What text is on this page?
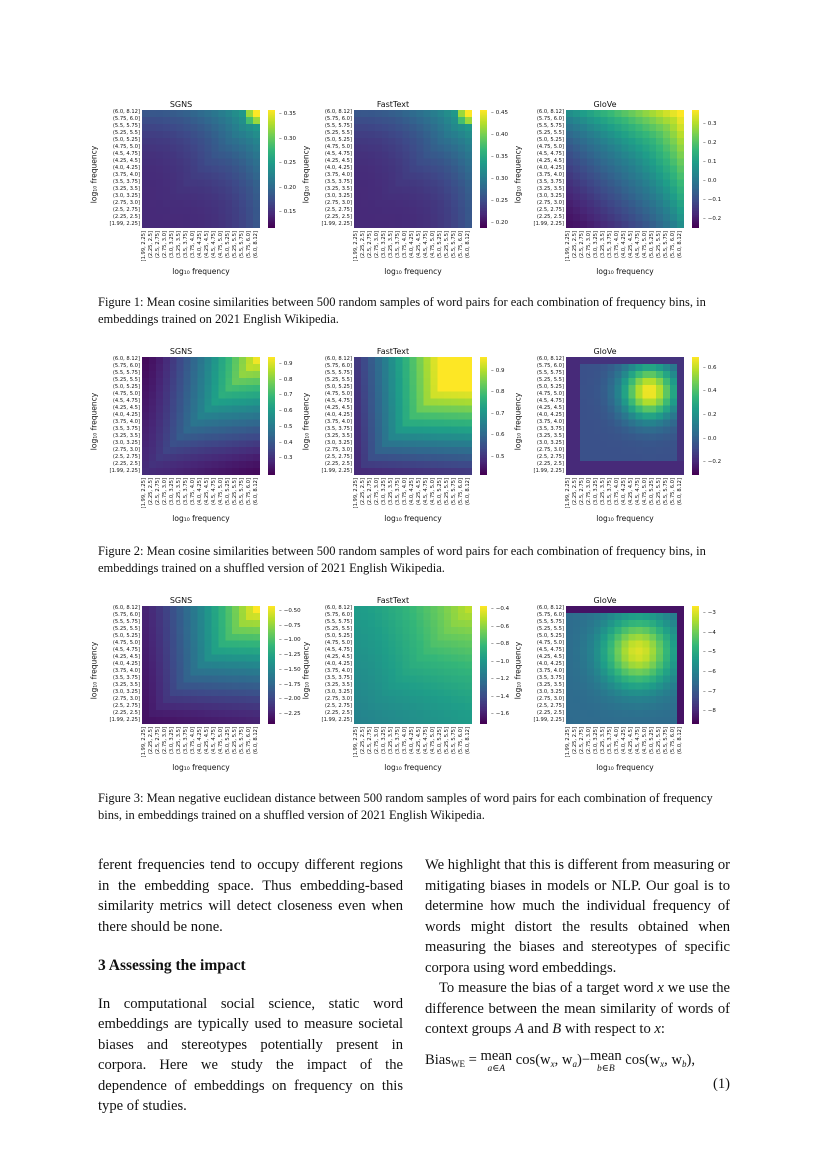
SGNS
log₁₀ frequency
[1.99, 2.25]
(2.25, 2.5]
(2.5, 2.75]
(2.75, 3.0]
(3.0, 3.25]
(3.25, 3.5]
(3.5, 3.75]
(3.75, 4.0]
(4.0, 4.25]
(4.25, 4.5]
(4.5, 4.75]
(4.75, 5.0]
(5.0, 5.25]
(5.25, 5.5]
(5.5, 5.75]
(5.75, 6.0]
(6.0, 8.12]
[1.99, 2.25] (2.25, 2.5] (2.5, 2.75] (2.75, 3.0] (3.0, 3.25] (3.25, 3.5] (3.5, 3.75] (3.75, 4.0] (4.0, 4.25] (4.25, 4.5] (4.5, 4.75] (4.75, 5.0] (5.0, 5.25] (5.25, 5.5] (5.5, 5.75] (5.75, 6.0] (6.0, 8.12]
log₁₀ frequency
– 0.35
– 0.30
– 0.25
– 0.20
– 0.15
FastText
log₁₀ frequency
[1.99, 2.25]
(2.25, 2.5]
(2.5, 2.75]
(2.75, 3.0]
(3.0, 3.25]
(3.25, 3.5]
(3.5, 3.75]
(3.75, 4.0]
(4.0, 4.25]
(4.25, 4.5]
(4.5, 4.75]
(4.75, 5.0]
(5.0, 5.25]
(5.25, 5.5]
(5.5, 5.75]
(5.75, 6.0]
(6.0, 8.12]
[1.99, 2.25] (2.25, 2.5] (2.5, 2.75] (2.75, 3.0] (3.0, 3.25] (3.25, 3.5] (3.5, 3.75] (3.75, 4.0] (4.0, 4.25] (4.25, 4.5] (4.5, 4.75] (4.75, 5.0] (5.0, 5.25] (5.25, 5.5] (5.5, 5.75] (5.75, 6.0] (6.0, 8.12]
log₁₀ frequency
– 0.45
– 0.40
– 0.35
– 0.30
– 0.25
– 0.20
GloVe
log₁₀ frequency
[1.99, 2.25]
(2.25, 2.5]
(2.5, 2.75]
(2.75, 3.0]
(3.0, 3.25]
(3.25, 3.5]
(3.5, 3.75]
(3.75, 4.0]
(4.0, 4.25]
(4.25, 4.5]
(4.5, 4.75]
(4.75, 5.0]
(5.0, 5.25]
(5.25, 5.5]
(5.5, 5.75]
(5.75, 6.0]
(6.0, 8.12]
[1.99, 2.25] (2.25, 2.5] (2.5, 2.75] (2.75, 3.0] (3.0, 3.25] (3.25, 3.5] (3.5, 3.75] (3.75, 4.0] (4.0, 4.25] (4.25, 4.5] (4.5, 4.75] (4.75, 5.0] (5.0, 5.25] (5.25, 5.5] (5.5, 5.75] (5.75, 6.0] (6.0, 8.12]
log₁₀ frequency
– 0.3
– 0.2
– 0.1
– 0.0
– −0.1
– −0.2
Figure 1: Mean cosine similarities between 500 random samples of word pairs for each combination of frequency bins, in embeddings trained on 2021 English Wikipedia.
SGNS
log₁₀ frequency
[1.99, 2.25]
(2.25, 2.5]
(2.5, 2.75]
(2.75, 3.0]
(3.0, 3.25]
(3.25, 3.5]
(3.5, 3.75]
(3.75, 4.0]
(4.0, 4.25]
(4.25, 4.5]
(4.5, 4.75]
(4.75, 5.0]
(5.0, 5.25]
(5.25, 5.5]
(5.5, 5.75]
(5.75, 6.0]
(6.0, 8.12]
[1.99, 2.25] (2.25, 2.5] (2.5, 2.75] (2.75, 3.0] (3.0, 3.25] (3.25, 3.5] (3.5, 3.75] (3.75, 4.0] (4.0, 4.25] (4.25, 4.5] (4.5, 4.75] (4.75, 5.0] (5.0, 5.25] (5.25, 5.5] (5.5, 5.75] (5.75, 6.0] (6.0, 8.12]
log₁₀ frequency
– 0.9
– 0.8
– 0.7
– 0.6
– 0.5
– 0.4
– 0.3
FastText
log₁₀ frequency
[1.99, 2.25]
(2.25, 2.5]
(2.5, 2.75]
(2.75, 3.0]
(3.0, 3.25]
(3.25, 3.5]
(3.5, 3.75]
(3.75, 4.0]
(4.0, 4.25]
(4.25, 4.5]
(4.5, 4.75]
(4.75, 5.0]
(5.0, 5.25]
(5.25, 5.5]
(5.5, 5.75]
(5.75, 6.0]
(6.0, 8.12]
[1.99, 2.25] (2.25, 2.5] (2.5, 2.75] (2.75, 3.0] (3.0, 3.25] (3.25, 3.5] (3.5, 3.75] (3.75, 4.0] (4.0, 4.25] (4.25, 4.5] (4.5, 4.75] (4.75, 5.0] (5.0, 5.25] (5.25, 5.5] (5.5, 5.75] (5.75, 6.0] (6.0, 8.12]
log₁₀ frequency
– 0.9
– 0.8
– 0.7
– 0.6
– 0.5
GloVe
log₁₀ frequency
[1.99, 2.25]
(2.25, 2.5]
(2.5, 2.75]
(2.75, 3.0]
(3.0, 3.25]
(3.25, 3.5]
(3.5, 3.75]
(3.75, 4.0]
(4.0, 4.25]
(4.25, 4.5]
(4.5, 4.75]
(4.75, 5.0]
(5.0, 5.25]
(5.25, 5.5]
(5.5, 5.75]
(5.75, 6.0]
(6.0, 8.12]
[1.99, 2.25] (2.25, 2.5] (2.5, 2.75] (2.75, 3.0] (3.0, 3.25] (3.25, 3.5] (3.5, 3.75] (3.75, 4.0] (4.0, 4.25] (4.25, 4.5] (4.5, 4.75] (4.75, 5.0] (5.0, 5.25] (5.25, 5.5] (5.5, 5.75] (5.75, 6.0] (6.0, 8.12]
log₁₀ frequency
– 0.6
– 0.4
– 0.2
– 0.0
– −0.2
Figure 2: Mean cosine similarities between 500 random samples of word pairs for each combination of frequency bins, in embeddings trained on a shuffled version of 2021 English Wikipedia.
SGNS
log₁₀ frequency
[1.99, 2.25]
(2.25, 2.5]
(2.5, 2.75]
(2.75, 3.0]
(3.0, 3.25]
(3.25, 3.5]
(3.5, 3.75]
(3.75, 4.0]
(4.0, 4.25]
(4.25, 4.5]
(4.5, 4.75]
(4.75, 5.0]
(5.0, 5.25]
(5.25, 5.5]
(5.5, 5.75]
(5.75, 6.0]
(6.0, 8.12]
[1.99, 2.25] (2.25, 2.5] (2.5, 2.75] (2.75, 3.0] (3.0, 3.25] (3.25, 3.5] (3.5, 3.75] (3.75, 4.0] (4.0, 4.25] (4.25, 4.5] (4.5, 4.75] (4.75, 5.0] (5.0, 5.25] (5.25, 5.5] (5.5, 5.75] (5.75, 6.0] (6.0, 8.12]
log₁₀ frequency
– −0.50
– −0.75
– −1.00
– −1.25
– −1.50
– −1.75
– −2.00
– −2.25
FastText
log₁₀ frequency
[1.99, 2.25]
(2.25, 2.5]
(2.5, 2.75]
(2.75, 3.0]
(3.0, 3.25]
(3.25, 3.5]
(3.5, 3.75]
(3.75, 4.0]
(4.0, 4.25]
(4.25, 4.5]
(4.5, 4.75]
(4.75, 5.0]
(5.0, 5.25]
(5.25, 5.5]
(5.5, 5.75]
(5.75, 6.0]
(6.0, 8.12]
[1.99, 2.25] (2.25, 2.5] (2.5, 2.75] (2.75, 3.0] (3.0, 3.25] (3.25, 3.5] (3.5, 3.75] (3.75, 4.0] (4.0, 4.25] (4.25, 4.5] (4.5, 4.75] (4.75, 5.0] (5.0, 5.25] (5.25, 5.5] (5.5, 5.75] (5.75, 6.0] (6.0, 8.12]
log₁₀ frequency
– −0.4
– −0.6
– −0.8
– −1.0
– −1.2
– −1.4
– −1.6
GloVe
log₁₀ frequency
[1.99, 2.25]
(2.25, 2.5]
(2.5, 2.75]
(2.75, 3.0]
(3.0, 3.25]
(3.25, 3.5]
(3.5, 3.75]
(3.75, 4.0]
(4.0, 4.25]
(4.25, 4.5]
(4.5, 4.75]
(4.75, 5.0]
(5.0, 5.25]
(5.25, 5.5]
(5.5, 5.75]
(5.75, 6.0]
(6.0, 8.12]
[1.99, 2.25] (2.25, 2.5] (2.5, 2.75] (2.75, 3.0] (3.0, 3.25] (3.25, 3.5] (3.5, 3.75] (3.75, 4.0] (4.0, 4.25] (4.25, 4.5] (4.5, 4.75] (4.75, 5.0] (5.0, 5.25] (5.25, 5.5] (5.5, 5.75] (5.75, 6.0] (6.0, 8.12]
log₁₀ frequency
– −3
– −4
– −5
– −6
– −7
– −8
Figure 3: Mean negative euclidean distance between 500 random samples of word pairs for each combination of frequency bins, in embeddings trained on a shuffled version of 2021 English Wikipedia.

ferent frequencies tend to occupy different regions in the embedding space. Thus embedding-based similarity metrics will detect closeness even when there should be none.

3 Assessing the impact

In computational social science, static word embeddings are typically used to measure societal biases and stereotypes potentially present in corpora. Here we study the impact of the dependence of embeddings on frequency on this type of studies.

We highlight that this is different from measuring or mitigating biases in models or NLP. Our goal is to determine how much the individual frequency of words might distort the results obtained when measuring the biases and stereotypes of specific corpora using word embeddings.

To measure the bias of a target word x we use the difference between the mean similarity of words of context groups A and B with respect to x:

Bias$_{WE}$ = mean
a∈A
$\cos(w_x$, $w_a)-mean$
b∈B
$\cos(w_x$, $w_b$),

(1)
